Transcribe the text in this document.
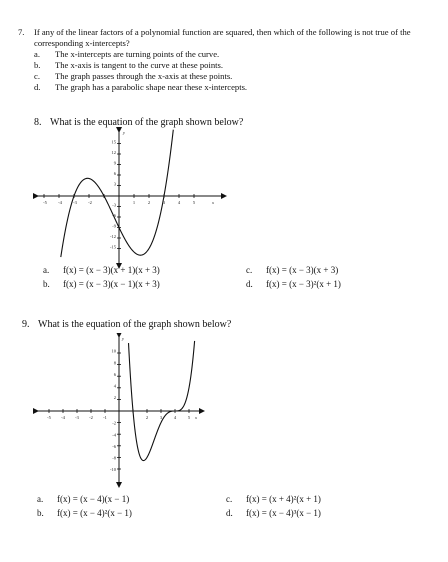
7. If any of the linear factors of a polynomial function are squared, then which of the following is not true of the
corresponding x-intercepts?
a. The x-intercepts are turning points of the curve.
b. The x-axis is tangent to the curve at these points.
c. The graph passes through the x-axis at these points.
d. The graph has a parabolic shape near these x-intercepts.
8. What is the equation of the graph shown below?
-5	-4	-3	-2	1	2	3	4	5	x
y
15
12
9
6
3
-3
-6
-9
-12
-15
a. f(x) = (x − 3)(x + 1)(x + 3)
b. f(x) = (x − 3)(x − 1)(x + 3)
c. f(x) = (x − 3)(x + 3)
d. f(x) = (x − 3)²(x + 1)
9. What is the equation of the graph shown below?
-5 -4 -3 -2 -1	2	3	4	5 x
y
10
8
6
4
2
-2
-4
-6
-8
-10
a. f(x) = (x − 4)(x − 1)
b. f(x) = (x − 4)²(x − 1)
c. f(x) = (x + 4)²(x + 1)
d. f(x) = (x − 4)³(x − 1)
